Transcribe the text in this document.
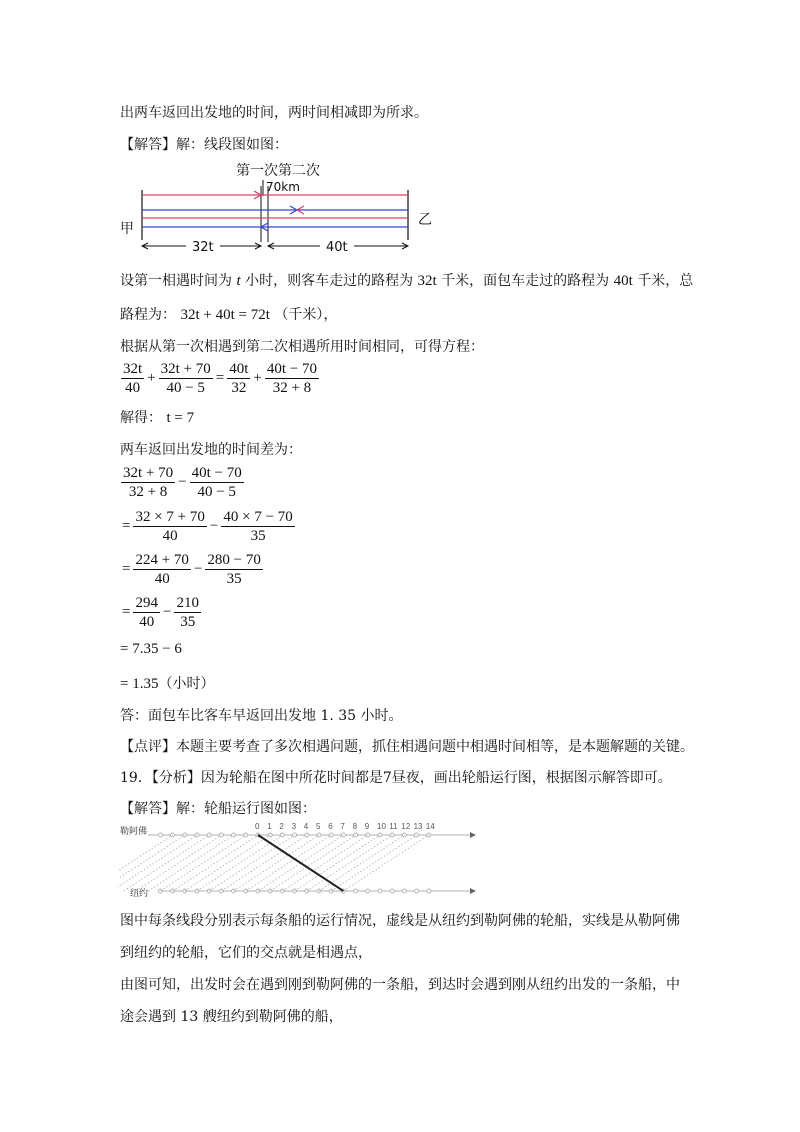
出两车返回出发地的时间，两时间相减即为所求。
【解答】解：线段图如图：
第一次第二次
70km
甲
乙
32t	40t
设第一相遇时间为 t 小时，则客车走过的路程为 32t 千米，面包车走过的路程为 40t 千米，总
路程为： 32t + 40t = 72t （千米），
根据从第一次相遇到第二次相遇所用时间相同，可得方程：
$\frac{32t}{40} + \frac{32t + 70}{40 - 5} = \frac{40t}{32} + \frac{40t - 70}{32 + 8}$
解得： t = 7
两车返回出发地的时间差为：
$\frac{32t + 70}{32 + 8} - \frac{40t - 70}{40 - 5}$
= $\frac{32 \times 7 + 70}{40} - \frac{40 \times 7 - 70}{35}$
= $\frac{224 + 70}{40} - \frac{280 - 70}{35}$
= $\frac{294}{40} - \frac{210}{35}$
= 7.35 − 6
= 1.35（小时）
答：面包车比客车早返回出发地 1. 35 小时。
【点评】本题主要考查了多次相遇问题，抓住相遇问题中相遇时间相等，是本题解题的关键。
19．【分析】因为轮船在图中所花时间都是7昼夜，画出轮船运行图，根据图示解答即可。
【解答】解：轮船运行图如图：
勒阿佛
纽约
0 1 2 3 4 5 6 7 8 9 10 11 12 13 14
图中每条线段分别表示每条船的运行情况，虚线是从纽约到勒阿佛的轮船，实线是从勒阿佛
到纽约的轮船，它们的交点就是相遇点，
由图可知，出发时会在遇到刚到勒阿佛的一条船，到达时会遇到刚从纽约出发的一条船，中
途会遇到 13 艘纽约到勒阿佛的船，
